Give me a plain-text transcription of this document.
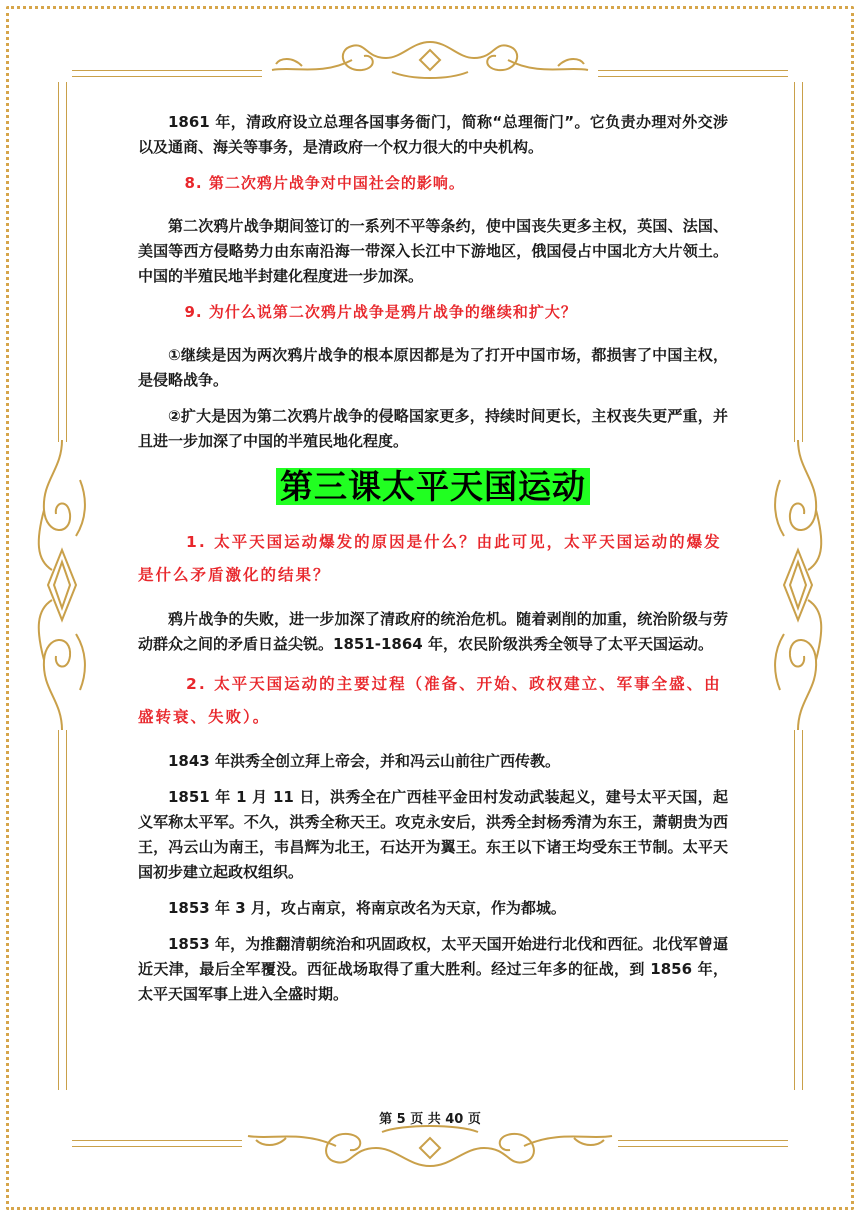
1861 年，清政府设立总理各国事务衙门，简称“总理衙门”。它负责办理对外交涉以及通商、海关等事务，是清政府一个权力很大的中央机构。

8. 第二次鸦片战争对中国社会的影响。

第二次鸦片战争期间签订的一系列不平等条约，使中国丧失更多主权，英国、法国、美国等西方侵略势力由东南沿海一带深入长江中下游地区，俄国侵占中国北方大片领土。中国的半殖民地半封建化程度进一步加深。

9. 为什么说第二次鸦片战争是鸦片战争的继续和扩大？

①继续是因为两次鸦片战争的根本原因都是为了打开中国市场，都损害了中国主权，是侵略战争。

②扩大是因为第二次鸦片战争的侵略国家更多，持续时间更长，主权丧失更严重，并且进一步加深了中国的半殖民地化程度。

第三课太平天国运动

1. 太平天国运动爆发的原因是什么？由此可见，太平天国运动的爆发是什么矛盾激化的结果？

鸦片战争的失败，进一步加深了清政府的统治危机。随着剥削的加重，统治阶级与劳动群众之间的矛盾日益尖锐。1851-1864 年，农民阶级洪秀全领导了太平天国运动。

2. 太平天国运动的主要过程（准备、开始、政权建立、军事全盛、由盛转衰、失败）。

1843 年洪秀全创立拜上帝会，并和冯云山前往广西传教。

1851 年 1 月 11 日，洪秀全在广西桂平金田村发动武装起义，建号太平天国，起义军称太平军。不久，洪秀全称天王。攻克永安后，洪秀全封杨秀清为东王，萧朝贵为西王，冯云山为南王，韦昌辉为北王，石达开为翼王。东王以下诸王均受东王节制。太平天国初步建立起政权组织。

1853 年 3 月，攻占南京，将南京改名为天京，作为都城。

1853 年，为推翻清朝统治和巩固政权，太平天国开始进行北伐和西征。北伐军曾逼近天津，最后全军覆没。西征战场取得了重大胜利。经过三年多的征战，到 1856 年，太平天国军事上进入全盛时期。

第 5 页 共 40 页
